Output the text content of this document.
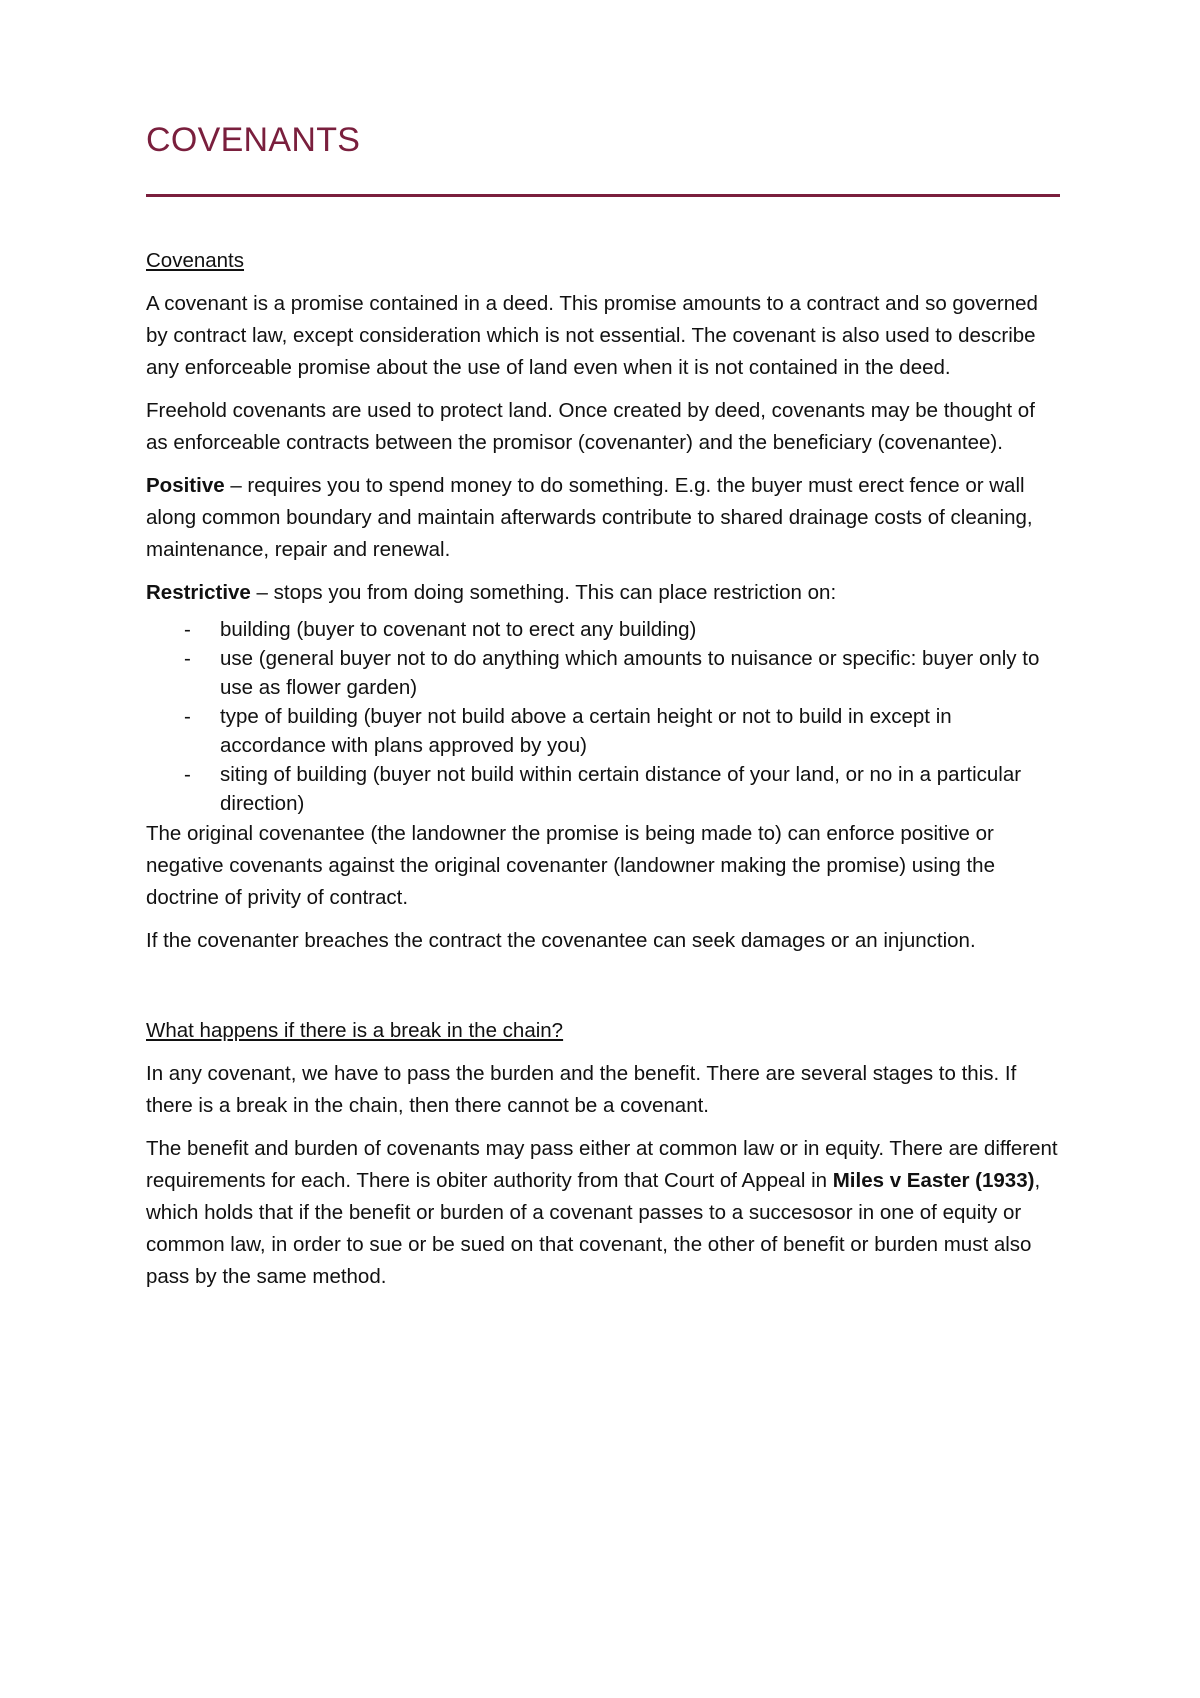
COVENANTS
Covenants

A covenant is a promise contained in a deed. This promise amounts to a contract and so governed by contract law, except consideration which is not essential. The covenant is also used to describe any enforceable promise about the use of land even when it is not contained in the deed.

Freehold covenants are used to protect land. Once created by deed, covenants may be thought of as enforceable contracts between the promisor (covenanter) and the beneficiary (covenantee).

Positive – requires you to spend money to do something. E.g. the buyer must erect fence or wall along common boundary and maintain afterwards contribute to shared drainage costs of cleaning, maintenance, repair and renewal.

Restrictive – stops you from doing something. This can place restriction on:

- building (buyer to covenant not to erect any building)
- use (general buyer not to do anything which amounts to nuisance or specific: buyer only to use as flower garden)
- type of building (buyer not build above a certain height or not to build in except in accordance with plans approved by you)
- siting of building (buyer not build within certain distance of your land, or no in a particular direction)

The original covenantee (the landowner the promise is being made to) can enforce positive or negative covenants against the original covenanter (landowner making the promise) using the doctrine of privity of contract.

If the covenanter breaches the contract the covenantee can seek damages or an injunction.

What happens if there is a break in the chain?

In any covenant, we have to pass the burden and the benefit. There are several stages to this. If there is a break in the chain, then there cannot be a covenant.

The benefit and burden of covenants may pass either at common law or in equity. There are different requirements for each. There is obiter authority from that Court of Appeal in Miles v Easter (1933), which holds that if the benefit or burden of a covenant passes to a succesosor in one of equity or common law, in order to sue or be sued on that covenant, the other of benefit or burden must also pass by the same method.
